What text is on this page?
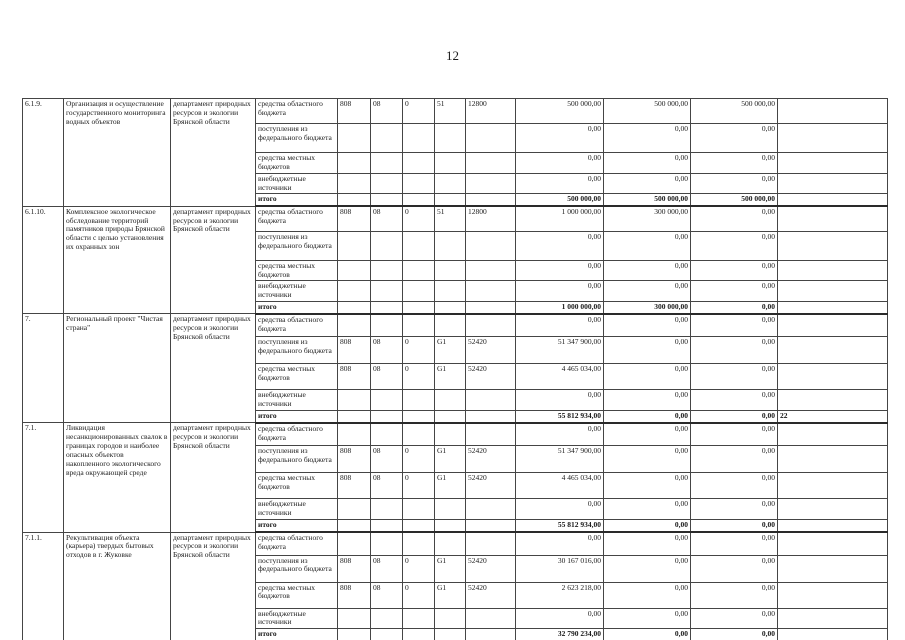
12
6.1.9.	Организация и осуществление государственного мониторинга водных объектов	департамент природных ресурсов и экологии Брянской области	средства областного бюджета	808	08	0	51	12800	500 000,00	500 000,00	500 000,00	
			поступления из федерального бюджета						0,00	0,00	0,00	
			средства местных бюджетов						0,00	0,00	0,00	
			внебюджетные источники						0,00	0,00	0,00	
			итого						500 000,00	500 000,00	500 000,00	
6.1.10.	Комплексное экологическое обследование территорий памятников природы Брянской области с целью установления их охранных зон	департамент природных ресурсов и экологии Брянской области	средства областного бюджета	808	08	0	51	12800	1 000 000,00	300 000,00	0,00	
			поступления из федерального бюджета						0,00	0,00	0,00	
			средства местных бюджетов						0,00	0,00	0,00	
			внебюджетные источники						0,00	0,00	0,00	
			итого						1 000 000,00	300 000,00	0,00	
7.	Региональный проект "Чистая страна"	департамент природных ресурсов и экологии Брянской области	средства областного бюджета						0,00	0,00	0,00	
			поступления из федерального бюджета	808	08	0	G1	52420	51 347 900,00	0,00	0,00	
			средства местных бюджетов	808	08	0	G1	52420	4 465 034,00	0,00	0,00	
			внебюджетные источники						0,00	0,00	0,00	
			итого						55 812 934,00	0,00	0,00	22
7.1.	Ликвидация несанкционированных свалок в границах городов и наиболее опасных объектов накопленного экологического вреда окружающей среде	департамент природных ресурсов и экологии Брянской области	средства областного бюджета						0,00	0,00	0,00	
			поступления из федерального бюджета	808	08	0	G1	52420	51 347 900,00	0,00	0,00	
			средства местных бюджетов	808	08	0	G1	52420	4 465 034,00	0,00	0,00	
			внебюджетные источники						0,00	0,00	0,00	
			итого						55 812 934,00	0,00	0,00	
7.1.1.	Рекультивация объекта (карьера) твердых бытовых отходов в г. Жуковке	департамент природных ресурсов и экологии Брянской области	средства областного бюджета						0,00	0,00	0,00	
			поступления из федерального бюджета	808	08	0	G1	52420	30 167 016,00	0,00	0,00	
			средства местных бюджетов	808	08	0	G1	52420	2 623 218,00	0,00	0,00	
			внебюджетные источники						0,00	0,00	0,00	
			итого						32 790 234,00	0,00	0,00	
